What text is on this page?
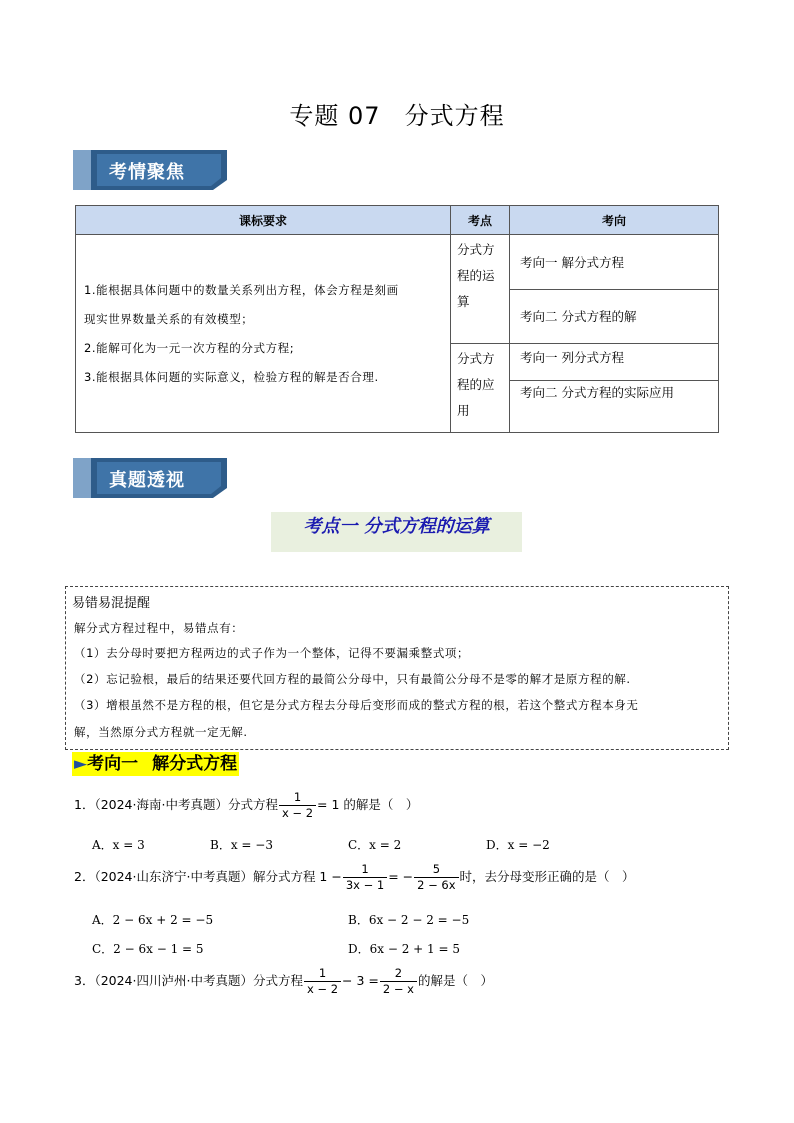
专题 07 分式方程
考情聚焦
课标要求	考点	考向

1.能根据具体问题中的数量关系列出方程，体会方程是刻画
现实世界数量关系的有效模型；
2.能解可化为一元一次方程的分式方程;
3.能根据具体问题的实际意义，检验方程的解是否合理.	分式方程的运算	考向一 解分式方程
		考向二 分式方程的解
	分式方程的应用	考向一 列分式方程
		考向二 分式方程的实际应用
真题透视
考点一 分式方程的运算
易错易混提醒
解分式方程过程中，易错点有：
（1）去分母时要把方程两边的式子作为一个整体，记得不要漏乘整式项；
（2）忘记验根，最后的结果还要代回方程的最简公分母中，只有最简公分母不是零的解才是原方程的解.
（3）增根虽然不是方程的根，但它是分式方程去分母后变形而成的整式方程的根，若这个整式方程本身无
解，当然原分式方程就一定无解.
►考向一 解分式方程
1．（2024·海南·中考真题）分式方程 $\frac{1}{x - 2} = 1$ 的解是（　）
A．x = 3	B．x = −3	C．x = 2	D．x = −2
2．（2024·山东济宁·中考真题）解分式方程 $1 - \frac{1}{3x - 1}$ = − $\frac{5}{2 - 6x}$ 时，去分母变形正确的是（　）
A．2 − 6x + 2 = −5	B．6x − 2 − 2 = −5
C．2 − 6x − 1 = 5	D．6x − 2 + 1 = 5
3．（2024·四川泸州·中考真题）分式方程 $\frac{1}{x - 2} - 3 = \frac{2}{2 - x}$ 的解是（　）
